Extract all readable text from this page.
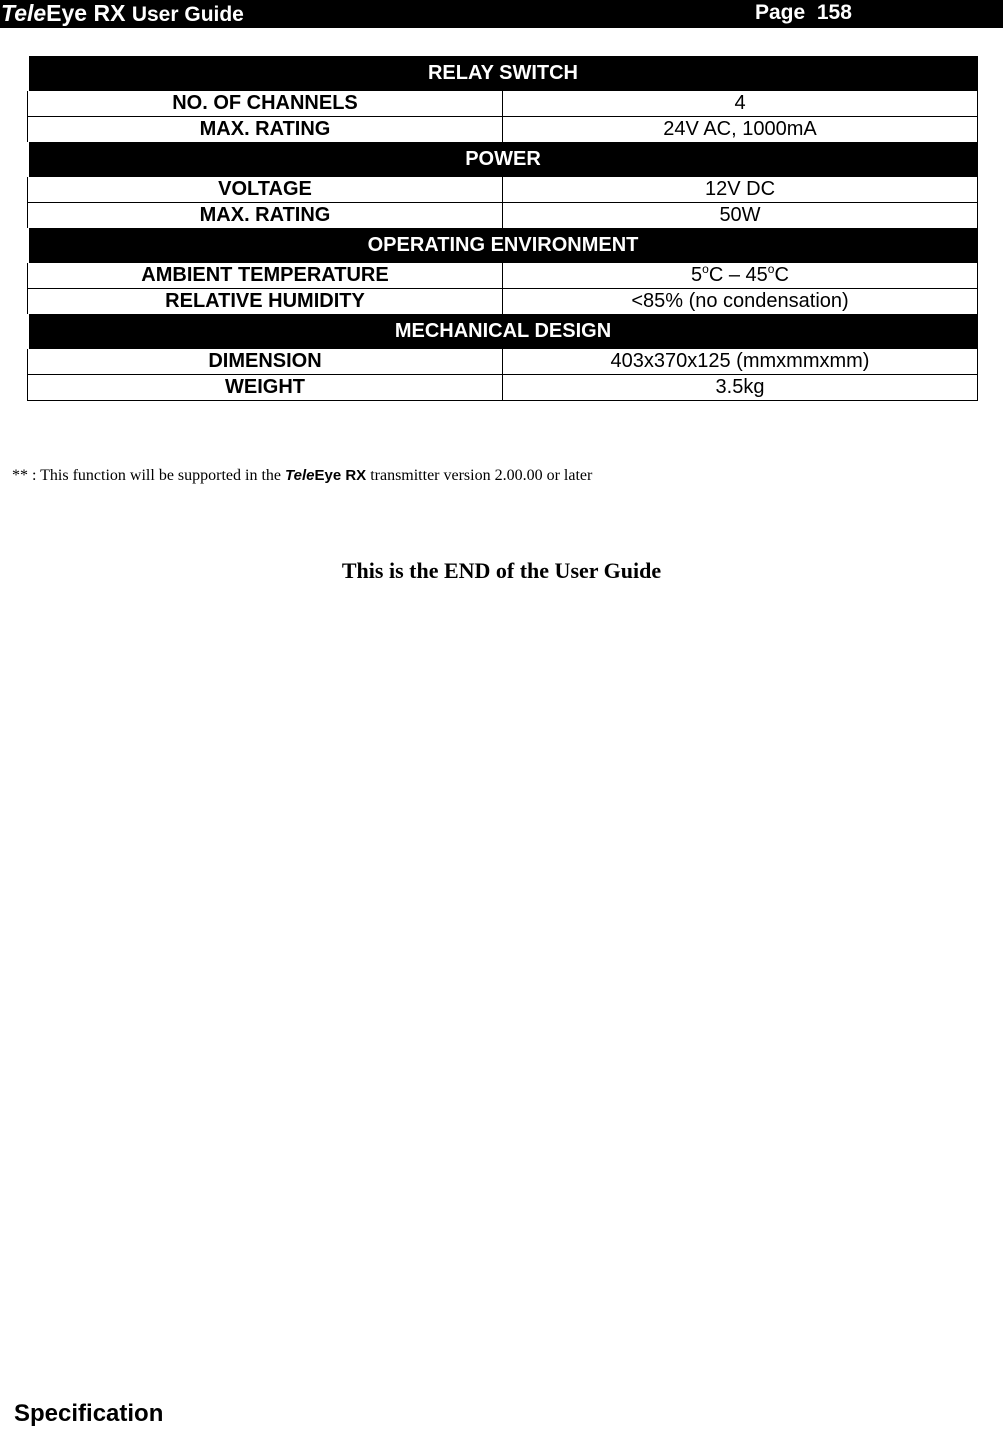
TeleEye RX User Guide	Page 158
RELAY SWITCH	
NO. OF CHANNELS	4
MAX. RATING	24V AC, 1000mA
POWER	
VOLTAGE	12V DC
MAX. RATING	50W
OPERATING ENVIRONMENT	
AMBIENT TEMPERATURE	5$^o$C – 45$^o$C
RELATIVE HUMIDITY	<85% (no condensation)
MECHANICAL DESIGN	
DIMENSION	403x370x125 (mmxmmxmm)
WEIGHT	3.5kg
** : This function will be supported in the TeleEye RX transmitter version 2.00.00 or later
This is the END of the User Guide
Specification
